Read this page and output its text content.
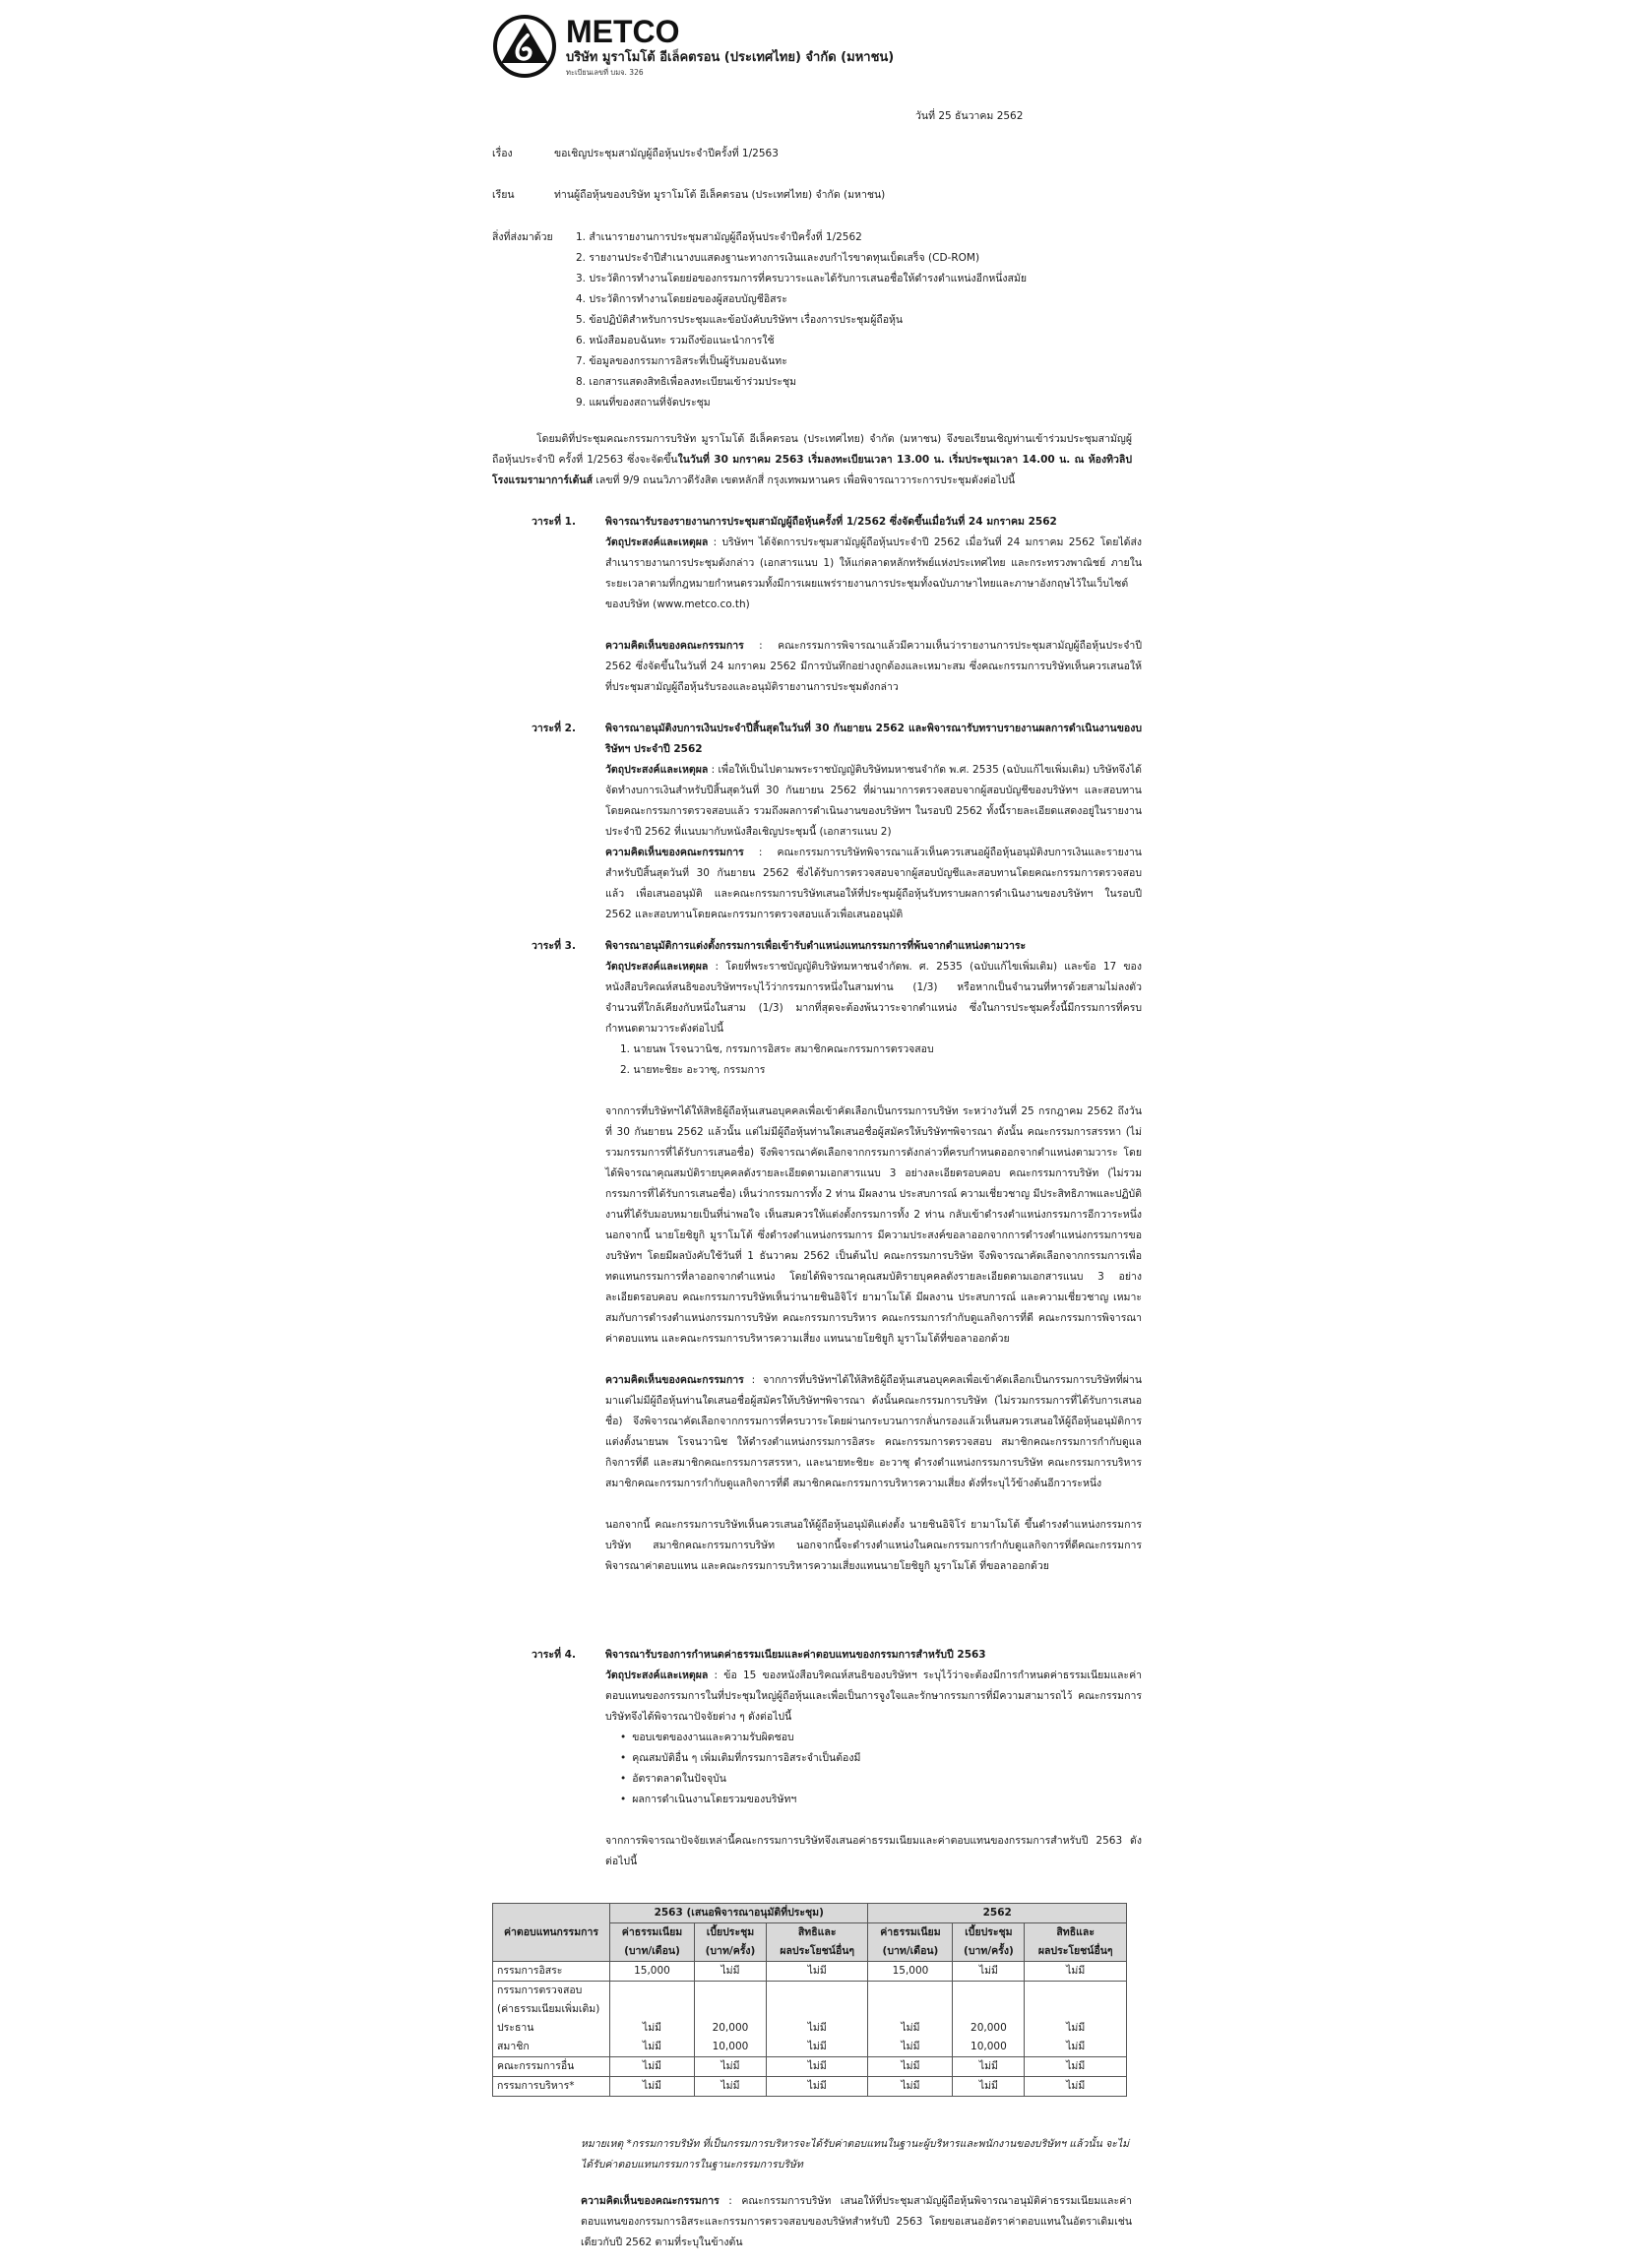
METCO
บริษัท มูราโมโต้ อีเล็คตรอน (ประเทศไทย) จำกัด (มหาชน)
ทะเบียนเลขที่ บมจ. 326
วันที่ 25 ธันวาคม 2562
เรื่อง	ขอเชิญประชุมสามัญผู้ถือหุ้นประจำปีครั้งที่ 1/2563
เรียน	ท่านผู้ถือหุ้นของบริษัท มูราโมโต้ อีเล็คตรอน (ประเทศไทย) จำกัด (มหาชน)
สิ่งที่ส่งมาด้วย 1. สำเนารายงานการประชุมสามัญผู้ถือหุ้นประจำปีครั้งที่ 1/2562
2. รายงานประจำปีสำเนางบแสดงฐานะทางการเงินและงบกำไรขาดทุนเบ็ดเสร็จ (CD-ROM)
3. ประวัติการทำงานโดยย่อของกรรมการที่ครบวาระและได้รับการเสนอชื่อให้ดำรงตำแหน่งอีกหนึ่งสมัย
4. ประวัติการทำงานโดยย่อของผู้สอบบัญชีอิสระ
5. ข้อปฏิบัติสำหรับการประชุมและข้อบังคับบริษัทฯ เรื่องการประชุมผู้ถือหุ้น
6. หนังสือมอบฉันทะ รวมถึงข้อแนะนำการใช้
7. ข้อมูลของกรรมการอิสระที่เป็นผู้รับมอบฉันทะ
8. เอกสารแสดงสิทธิเพื่อลงทะเบียนเข้าร่วมประชุม
9. แผนที่ของสถานที่จัดประชุม

โดยมติที่ประชุมคณะกรรมการบริษัท มูราโมโต้ อีเล็คตรอน (ประเทศไทย) จำกัด (มหาชน) จึงขอเรียนเชิญท่านเข้าร่วมประชุมสามัญผู้ถือหุ้นประจำปี ครั้งที่ 1/2563 ซึ่งจะจัดขึ้นในวันที่ 30 มกราคม 2563 เริ่มลงทะเบียนเวลา 13.00 น. เริ่มประชุมเวลา 14.00 น. ณ ห้องทิวลิป โรงแรมรามาการ์เด้นส์ เลขที่ 9/9 ถนนวิภาวดีรังสิต เขตหลักสี่ กรุงเทพมหานคร เพื่อพิจารณาวาระการประชุมดังต่อไปนี้

วาระที่ 1.	พิจารณารับรองรายงานการประชุมสามัญผู้ถือหุ้นครั้งที่ 1/2562 ซึ่งจัดขึ้นเมื่อวันที่ 24 มกราคม 2562

วัตถุประสงค์และเหตุผล : บริษัทฯ ได้จัดการประชุมสามัญผู้ถือหุ้นประจำปี 2562 เมื่อวันที่ 24 มกราคม 2562 โดยได้ส่งสำเนารายงานการประชุมดังกล่าว (เอกสารแนบ 1) ให้แก่ตลาดหลักทรัพย์แห่งประเทศไทย และกระทรวงพาณิชย์ ภายในระยะเวลาตามที่กฎหมายกำหนดรวมทั้งมีการเผยแพร่รายงานการประชุมทั้งฉบับภาษาไทยและภาษาอังกฤษไว้ในเว็บไซต์ของบริษัท (www.metco.co.th)

ความคิดเห็นของคณะกรรมการ : คณะกรรมการพิจารณาแล้วมีความเห็นว่ารายงานการประชุมสามัญผู้ถือหุ้นประจำปี 2562 ซึ่งจัดขึ้นในวันที่ 24 มกราคม 2562 มีการบันทึกอย่างถูกต้องและเหมาะสม ซึ่งคณะกรรมการบริษัทเห็นควรเสนอให้ที่ประชุมสามัญผู้ถือหุ้นรับรองและอนุมัติรายงานการประชุมดังกล่าว

วาระที่ 2.	พิจารณาอนุมัติงบการเงินประจำปีสิ้นสุดในวันที่ 30 กันยายน 2562 และพิจารณารับทราบรายงานผลการดำเนินงานของบริษัทฯ ประจำปี 2562

วัตถุประสงค์และเหตุผล : เพื่อให้เป็นไปตามพระราชบัญญัติบริษัทมหาชนจำกัด พ.ศ. 2535 (ฉบับแก้ไขเพิ่มเติม) บริษัทจึงได้จัดทำงบการเงินสำหรับปีสิ้นสุดวันที่ 30 กันยายน 2562 ที่ผ่านมาการตรวจสอบจากผู้สอบบัญชีของบริษัทฯ และสอบทานโดยคณะกรรมการตรวจสอบแล้ว รวมถึงผลการดำเนินงานของบริษัทฯ ในรอบปี 2562 ทั้งนี้รายละเอียดแสดงอยู่ในรายงานประจำปี 2562 ที่แนบมากับหนังสือเชิญประชุมนี้ (เอกสารแนบ 2)

ความคิดเห็นของคณะกรรมการ : คณะกรรมการบริษัทพิจารณาแล้วเห็นควรเสนอผู้ถือหุ้นอนุมัติงบการเงินและรายงานสำหรับปีสิ้นสุดวันที่ 30 กันยายน 2562 ซึ่งได้รับการตรวจสอบจากผู้สอบบัญชีและสอบทานโดยคณะกรรมการตรวจสอบแล้ว เพื่อเสนออนุมัติ และคณะกรรมการบริษัทเสนอให้ที่ประชุมผู้ถือหุ้นรับทราบผลการดำเนินงานของบริษัทฯ ในรอบปี 2562 และสอบทานโดยคณะกรรมการตรวจสอบแล้วเพื่อเสนออนุมัติ

วาระที่ 3.	พิจารณาอนุมัติการแต่งตั้งกรรมการเพื่อเข้ารับตำแหน่งแทนกรรมการที่พ้นจากตำแหน่งตามวาระ

วัตถุประสงค์และเหตุผล : โดยที่พระราชบัญญัติบริษัทมหาชนจำกัดพ. ศ. 2535 (ฉบับแก้ไขเพิ่มเติม) และข้อ 17 ของหนังสือบริคณห์สนธิของบริษัทฯระบุไว้ว่ากรรมการหนึ่งในสามท่าน (1/3) หรือหากเป็นจำนวนที่หารด้วยสามไม่ลงตัว จำนวนที่ใกล้เคียงกับหนึ่งในสาม (1/3) มากที่สุดจะต้องพ้นวาระจากตำแหน่ง ซึ่งในการประชุมครั้งนี้มีกรรมการที่ครบกำหนดตามวาระดังต่อไปนี้

1. นายนพ โรจนวานิช, กรรมการอิสระ สมาชิกคณะกรรมการตรวจสอบ
2. นายทะชิยะ อะวาซุ, กรรมการ

จากการที่บริษัทฯได้ให้สิทธิผู้ถือหุ้นเสนอบุคคลเพื่อเข้าคัดเลือกเป็นกรรมการบริษัท ระหว่างวันที่ 25 กรกฎาคม 2562 ถึงวันที่ 30 กันยายน 2562 แล้วนั้น แต่ไม่มีผู้ถือหุ้นท่านใดเสนอชื่อผู้สมัครให้บริษัทฯพิจารณา ดังนั้น คณะกรรมการสรรหา (ไม่รวมกรรมการที่ได้รับการเสนอชื่อ) จึงพิจารณาคัดเลือกจากกรรมการดังกล่าวที่ครบกำหนดออกจากตำแหน่งตามวาระ โดยได้พิจารณาคุณสมบัติรายบุคคลดังรายละเอียดตามเอกสารแนบ 3 อย่างละเอียดรอบคอบ คณะกรรมการบริษัท (ไม่รวมกรรมการที่ได้รับการเสนอชื่อ) เห็นว่ากรรมการทั้ง 2 ท่าน มีผลงาน ประสบการณ์ ความเชี่ยวชาญ มีประสิทธิภาพและปฏิบัติงานที่ได้รับมอบหมายเป็นที่น่าพอใจ เห็นสมควรให้แต่งตั้งกรรมการทั้ง 2 ท่าน กลับเข้าดำรงตำแหน่งกรรมการอีกวาระหนึ่ง นอกจากนี้ นายโยชิยูกิ มูราโมโต้ ซึ่งดำรงตำแหน่งกรรมการ มีความประสงค์ขอลาออกจากการดำรงตำแหน่งกรรมการของบริษัทฯ โดยมีผลบังคับใช้วันที่ 1 ธันวาคม 2562 เป็นต้นไป คณะกรรมการบริษัท จึงพิจารณาคัดเลือกจากกรรมการเพื่อทดแทนกรรมการที่ลาออกจากตำแหน่ง โดยได้พิจารณาคุณสมบัติรายบุคคลดังรายละเอียดตามเอกสารแนบ 3 อย่างละเอียดรอบคอบ คณะกรรมการบริษัทเห็นว่านายชินอิจิโร่ ยามาโมโต้ มีผลงาน ประสบการณ์ และความเชี่ยวชาญ เหมาะสมกับการดำรงตำแหน่งกรรมการบริษัท คณะกรรมการบริหาร คณะกรรมการกำกับดูแลกิจการที่ดี คณะกรรมการพิจารณาค่าตอบแทน และคณะกรรมการบริหารความเสี่ยง แทนนายโยชิยูกิ มูราโมโต้ที่ขอลาออกด้วย

ความคิดเห็นของคณะกรรมการ : จากการที่บริษัทฯได้ให้สิทธิผู้ถือหุ้นเสนอบุคคลเพื่อเข้าคัดเลือกเป็นกรรมการบริษัทที่ผ่านมาแต่ไม่มีผู้ถือหุ้นท่านใดเสนอชื่อผู้สมัครให้บริษัทฯพิจารณา ดังนั้นคณะกรรมการบริษัท (ไม่รวมกรรมการที่ได้รับการเสนอชื่อ) จึงพิจารณาคัดเลือกจากกรรมการที่ครบวาระโดยผ่านกระบวนการกลั่นกรองแล้วเห็นสมควรเสนอให้ผู้ถือหุ้นอนุมัติการแต่งตั้งนายนพ โรจนวานิช ให้ดำรงตำแหน่งกรรมการอิสระ คณะกรรมการตรวจสอบ สมาชิกคณะกรรมการกำกับดูแลกิจการที่ดี และสมาชิกคณะกรรมการสรรหา, และนายทะชิยะ อะวาซุ ดำรงตำแหน่งกรรมการบริษัท คณะกรรมการบริหาร สมาชิกคณะกรรมการกำกับดูแลกิจการที่ดี สมาชิกคณะกรรมการบริหารความเสี่ยง ดังที่ระบุไว้ข้างต้นอีกวาระหนึ่ง

นอกจากนี้ คณะกรรมการบริษัทเห็นควรเสนอให้ผู้ถือหุ้นอนุมัติแต่งตั้ง นายชินอิจิโร่ ยามาโมโต้ ขึ้นดำรงตำแหน่งกรรมการบริษัท สมาชิกคณะกรรมการบริษัท นอกจากนี้จะดำรงตำแหน่งในคณะกรรมการกำกับดูแลกิจการที่ดีคณะกรรมการพิจารณาค่าตอบแทน และคณะกรรมการบริหารความเสี่ยงแทนนายโยชิยูกิ มูราโมโต้ ที่ขอลาออกด้วย

วาระที่ 4.	พิจารณารับรองการกำหนดค่าธรรมเนียมและค่าตอบแทนของกรรมการสำหรับปี 2563

วัตถุประสงค์และเหตุผล : ข้อ 15 ของหนังสือบริคณห์สนธิของบริษัทฯ ระบุไว้ว่าจะต้องมีการกำหนดค่าธรรมเนียมและค่าตอบแทนของกรรมการในที่ประชุมใหญ่ผู้ถือหุ้นและเพื่อเป็นการจูงใจและรักษากรรมการที่มีความสามารถไว้ คณะกรรมการบริษัทจึงได้พิจารณาปัจจัยต่าง ๆ ดังต่อไปนี้

• ขอบเขตของงานและความรับผิดชอบ
• คุณสมบัติอื่น ๆ เพิ่มเติมที่กรรมการอิสระจำเป็นต้องมี
• อัตราตลาดในปัจจุบัน
• ผลการดำเนินงานโดยรวมของบริษัทฯ

จากการพิจารณาปัจจัยเหล่านี้คณะกรรมการบริษัทจึงเสนอค่าธรรมเนียมและค่าตอบแทนของกรรมการสำหรับปี 2563 ดังต่อไปนี้

ค่าตอบแทนกรรมการ	2563 (เสนอพิจารณาอนุมัติที่ประชุม)			2562		
	ค่าธรรมเนียม	เบี้ยประชุม	สิทธิและ	ค่าธรรมเนียม	เบี้ยประชุม	สิทธิและ
	(บาท/เดือน)	(บาท/ครั้ง)	ผลประโยชน์อื่นๆ	(บาท/เดือน)	(บาท/ครั้ง)	ผลประโยชน์อื่นๆ
กรรมการอิสระ	15,000	ไม่มี	ไม่มี	15,000	ไม่มี	ไม่มี
กรรมการตรวจสอบ						
(ค่าธรรมเนียมเพิ่มเติม)						
ประธาน	ไม่มี	20,000	ไม่มี	ไม่มี	20,000	ไม่มี
สมาชิก	ไม่มี	10,000	ไม่มี	ไม่มี	10,000	ไม่มี
คณะกรรมการอื่น	ไม่มี	ไม่มี	ไม่มี	ไม่มี	ไม่มี	ไม่มี
กรรมการบริหาร*	ไม่มี	ไม่มี	ไม่มี	ไม่มี	ไม่มี	ไม่มี

หมายเหตุ *กรรมการบริษัท ที่เป็นกรรมการบริหารจะได้รับค่าตอบแทนในฐานะผู้บริหารและพนักงานของบริษัทฯ แล้วนั้น จะไม่ได้รับค่าตอบแทนกรรมการในฐานะกรรมการบริษัท

ความคิดเห็นของคณะกรรมการ : คณะกรรมการบริษัท เสนอให้ที่ประชุมสามัญผู้ถือหุ้นพิจารณาอนุมัติค่าธรรมเนียมและค่าตอบแทนของกรรมการอิสระและกรรมการตรวจสอบของบริษัทสำหรับปี 2563 โดยขอเสนออัตราค่าตอบแทนในอัตราเดิมเช่นเดียวกับปี 2562 ตามที่ระบุในข้างต้น
